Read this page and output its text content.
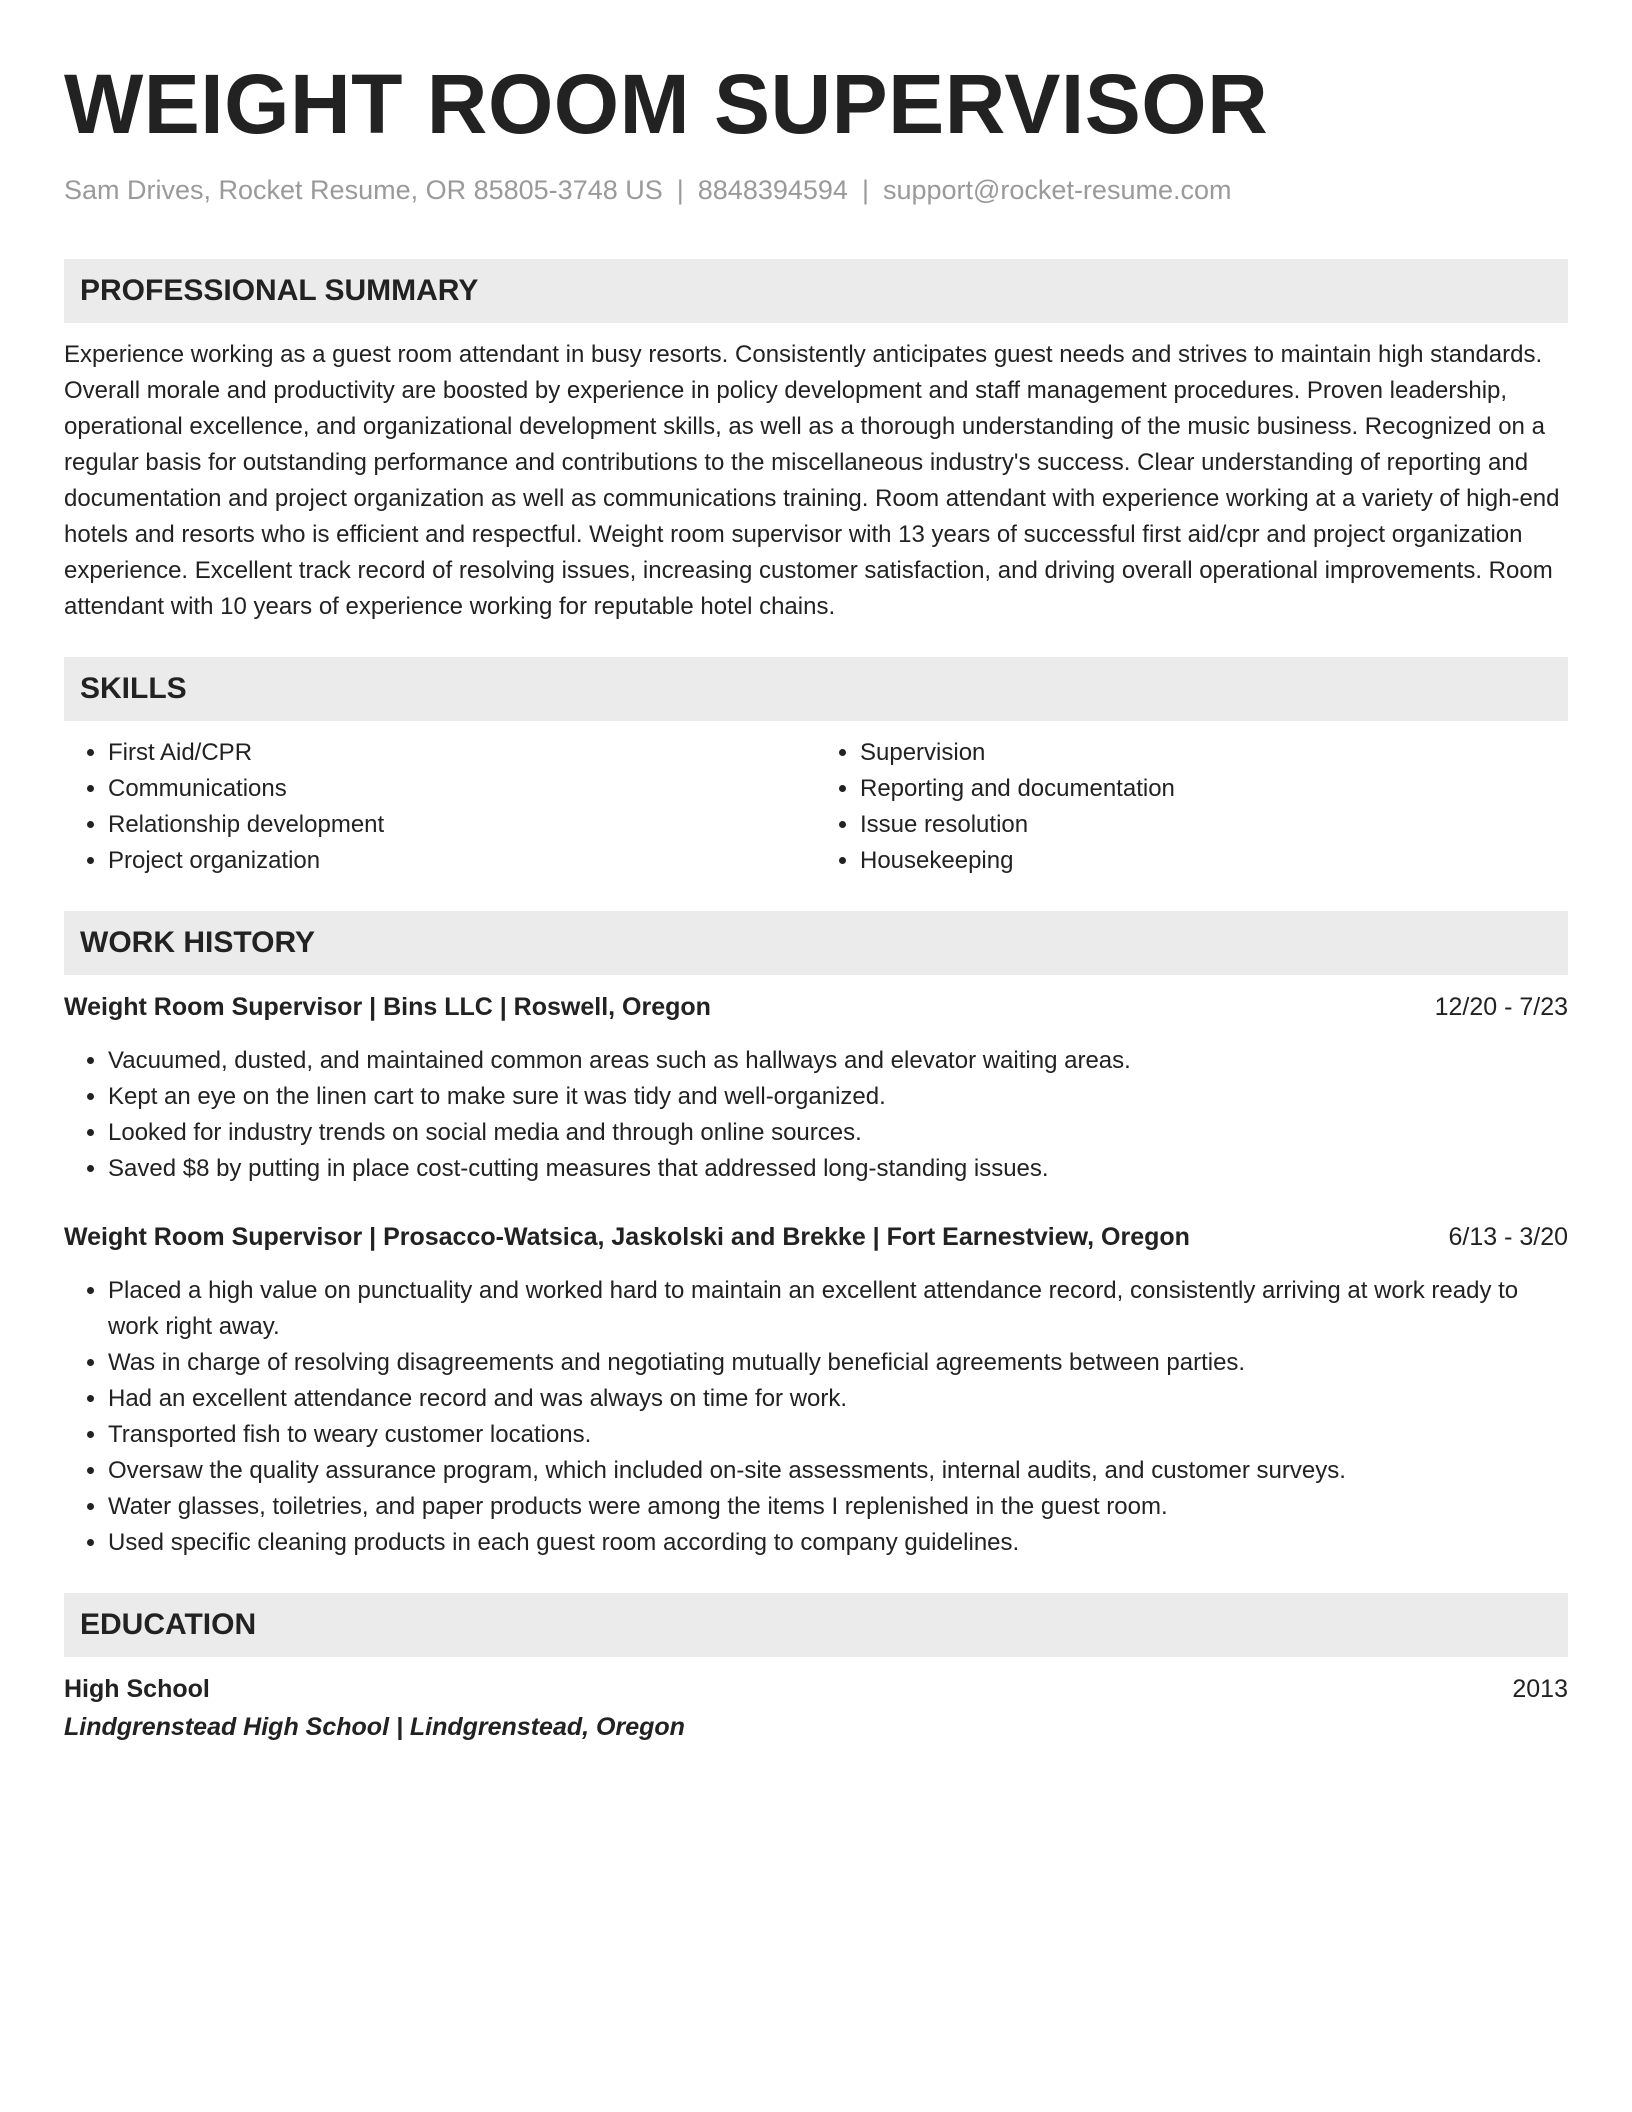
WEIGHT ROOM SUPERVISOR
Sam Drives, Rocket Resume, OR 85805-3748 US | 8848394594 | support@rocket-resume.com
PROFESSIONAL SUMMARY
Experience working as a guest room attendant in busy resorts. Consistently anticipates guest needs and strives to maintain high standards. Overall morale and productivity are boosted by experience in policy development and staff management procedures. Proven leadership, operational excellence, and organizational development skills, as well as a thorough understanding of the music business. Recognized on a regular basis for outstanding performance and contributions to the miscellaneous industry's success. Clear understanding of reporting and documentation and project organization as well as communications training. Room attendant with experience working at a variety of high-end hotels and resorts who is efficient and respectful. Weight room supervisor with 13 years of successful first aid/cpr and project organization experience. Excellent track record of resolving issues, increasing customer satisfaction, and driving overall operational improvements. Room attendant with 10 years of experience working for reputable hotel chains.
SKILLS
• First Aid/CPR
• Communications
• Relationship development
• Project organization
• Supervision
• Reporting and documentation
• Issue resolution
• Housekeeping
WORK HISTORY
Weight Room Supervisor | Bins LLC | Roswell, Oregon	12/20 - 7/23
• Vacuumed, dusted, and maintained common areas such as hallways and elevator waiting areas.
• Kept an eye on the linen cart to make sure it was tidy and well-organized.
• Looked for industry trends on social media and through online sources.
• Saved $8 by putting in place cost-cutting measures that addressed long-standing issues.
Weight Room Supervisor | Prosacco-Watsica, Jaskolski and Brekke | Fort Earnestview, Oregon	6/13 - 3/20
• Placed a high value on punctuality and worked hard to maintain an excellent attendance record, consistently arriving at work ready to work right away.
• Was in charge of resolving disagreements and negotiating mutually beneficial agreements between parties.
• Had an excellent attendance record and was always on time for work.
• Transported fish to weary customer locations.
• Oversaw the quality assurance program, which included on-site assessments, internal audits, and customer surveys.
• Water glasses, toiletries, and paper products were among the items I replenished in the guest room.
• Used specific cleaning products in each guest room according to company guidelines.
EDUCATION
High School	2013
Lindgrenstead High School | Lindgrenstead, Oregon
